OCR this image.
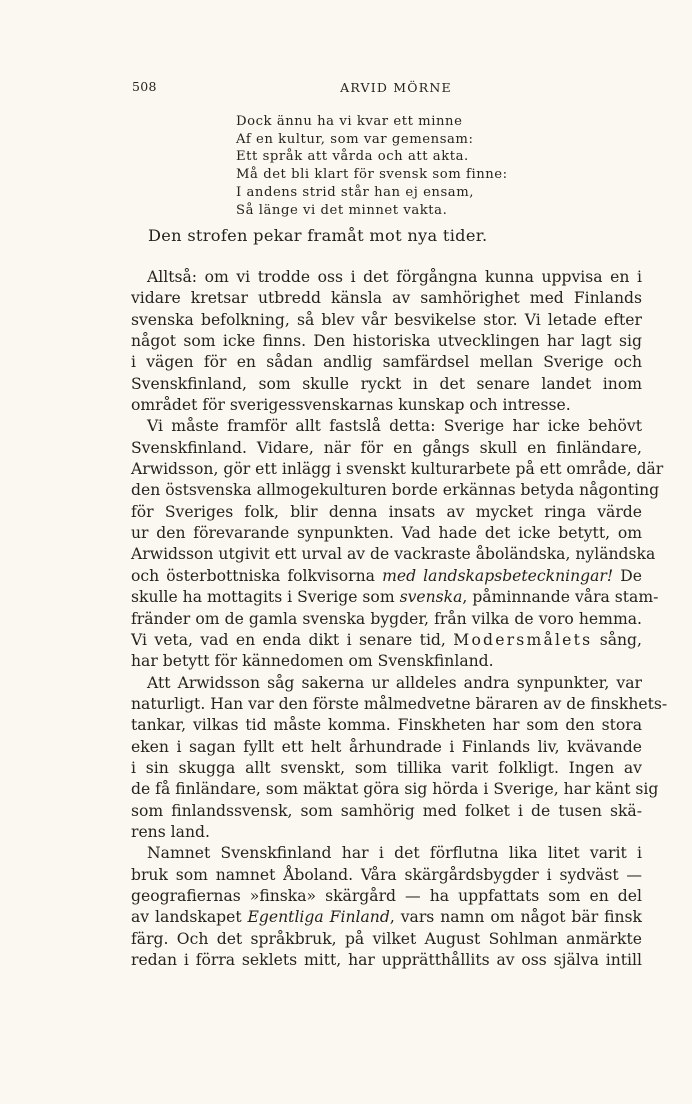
508	ARVID MÖRNE
Dock ännu ha vi kvar ett minne
Af en kultur, som var gemensam:
Ett språk att vårda och att akta.
Må det bli klart för svensk som finne:
I andens strid står han ej ensam,
Så länge vi det minnet vakta.
Den strofen pekar framåt mot nya tider.
Alltså: om vi trodde oss i det förgångna kunna uppvisa en i
vidare kretsar utbredd känsla av samhörighet med Finlands
svenska befolkning, så blev vår besvikelse stor. Vi letade efter
något som icke finns. Den historiska utvecklingen har lagt sig
i vägen för en sådan andlig samfärdsel mellan Sverige och
Svenskfinland, som skulle ryckt in det senare landet inom
området för sverigessvenskarnas kunskap och intresse.
Vi måste framför allt fastslå detta: Sverige har icke behövt
Svenskfinland. Vidare, när för en gångs skull en finländare,
Arwidsson, gör ett inlägg i svenskt kulturarbete på ett område, där
den östsvenska allmogekulturen borde erkännas betyda någonting
för Sveriges folk, blir denna insats av mycket ringa värde
ur den förevarande synpunkten. Vad hade det icke betytt, om
Arwidsson utgivit ett urval av de vackraste åboländska, nyländska
och österbottniska folkvisorna med landskapsbeteckningar! De
skulle ha mottagits i Sverige som svenska, påminnande våra stam-
fränder om de gamla svenska bygder, från vilka de voro hemma.
Vi veta, vad en enda dikt i senare tid, Modersmålets sång,
har betytt för kännedomen om Svenskfinland.
Att Arwidsson såg sakerna ur alldeles andra synpunkter, var
naturligt. Han var den förste målmedvetne bäraren av de finskhets-
tankar, vilkas tid måste komma. Finskheten har som den stora
eken i sagan fyllt ett helt århundrade i Finlands liv, kvävande
i sin skugga allt svenskt, som tillika varit folkligt. Ingen av
de få finländare, som mäktat göra sig hörda i Sverige, har känt sig
som finlandssvensk, som samhörig med folket i de tusen skä-
rens land.
Namnet Svenskfinland har i det förflutna lika litet varit i
bruk som namnet Åboland. Våra skärgårdsbygder i sydväst —
geografiernas »finska» skärgård — ha uppfattats som en del
av landskapet Egentliga Finland, vars namn om något bär finsk
färg. Och det språkbruk, på vilket August Sohlman anmärkte
redan i förra seklets mitt, har upprätthållits av oss själva intill
